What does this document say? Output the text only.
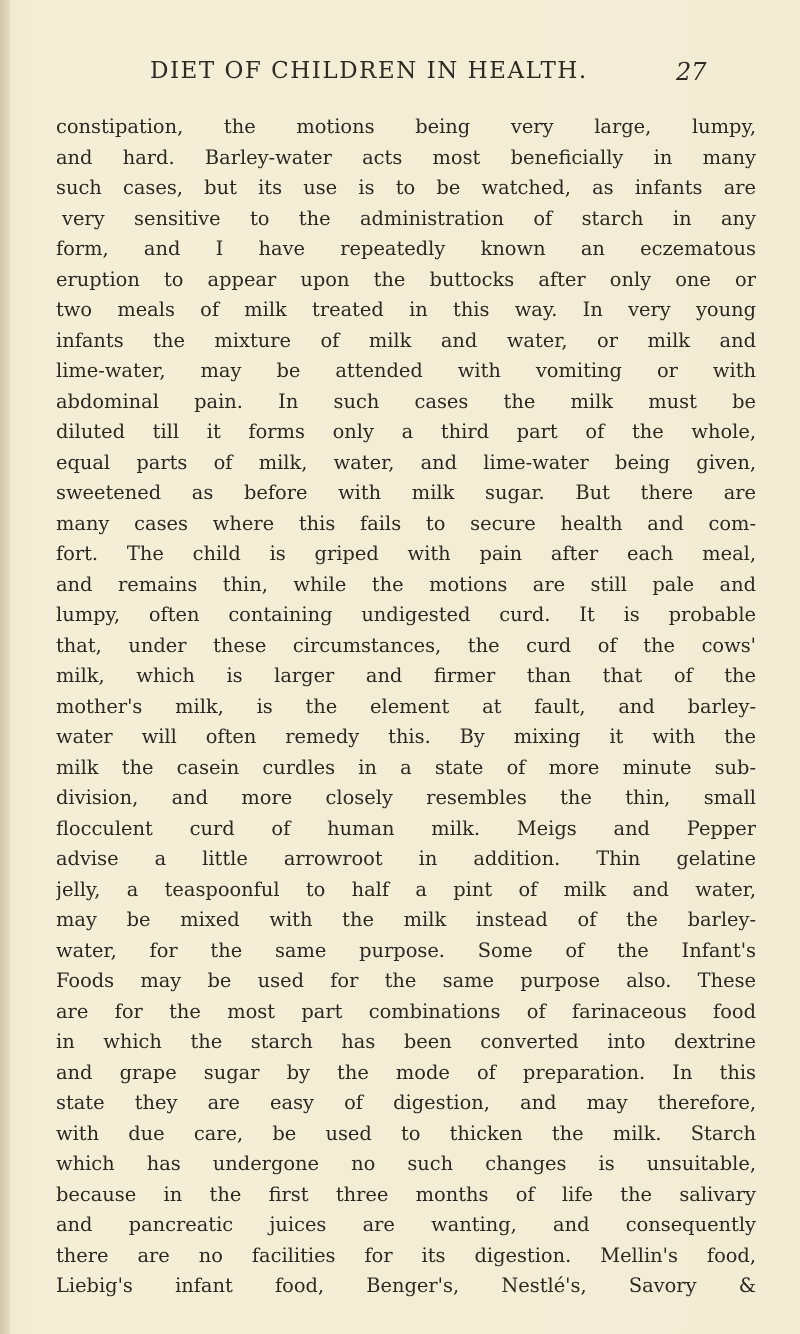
DIET OF CHILDREN IN HEALTH.	27
constipation, the motions being very large, lumpy,
and hard. Barley-water acts most beneficially in many
such cases, but its use is to be watched, as infants are
very sensitive to the administration of starch in any
form, and I have repeatedly known an eczematous
eruption to appear upon the buttocks after only one or
two meals of milk treated in this way. In very young
infants the mixture of milk and water, or milk and
lime-water, may be attended with vomiting or with
abdominal pain. In such cases the milk must be
diluted till it forms only a third part of the whole,
equal parts of milk, water, and lime-water being given,
sweetened as before with milk sugar. But there are
many cases where this fails to secure health and com-
fort. The child is griped with pain after each meal,
and remains thin, while the motions are still pale and
lumpy, often containing undigested curd. It is probable
that, under these circumstances, the curd of the cows'
milk, which is larger and firmer than that of the
mother's milk, is the element at fault, and barley-
water will often remedy this. By mixing it with the
milk the casein curdles in a state of more minute sub-
division, and more closely resembles the thin, small
flocculent curd of human milk. Meigs and Pepper
advise a little arrowroot in addition. Thin gelatine
jelly, a teaspoonful to half a pint of milk and water,
may be mixed with the milk instead of the barley-
water, for the same purpose. Some of the Infant's
Foods may be used for the same purpose also. These
are for the most part combinations of farinaceous food
in which the starch has been converted into dextrine
and grape sugar by the mode of preparation. In this
state they are easy of digestion, and may therefore,
with due care, be used to thicken the milk. Starch
which has undergone no such changes is unsuitable,
because in the first three months of life the salivary
and pancreatic juices are wanting, and consequently
there are no facilities for its digestion. Mellin's food,
Liebig's infant food, Benger's, Nestlé's, Savory &
